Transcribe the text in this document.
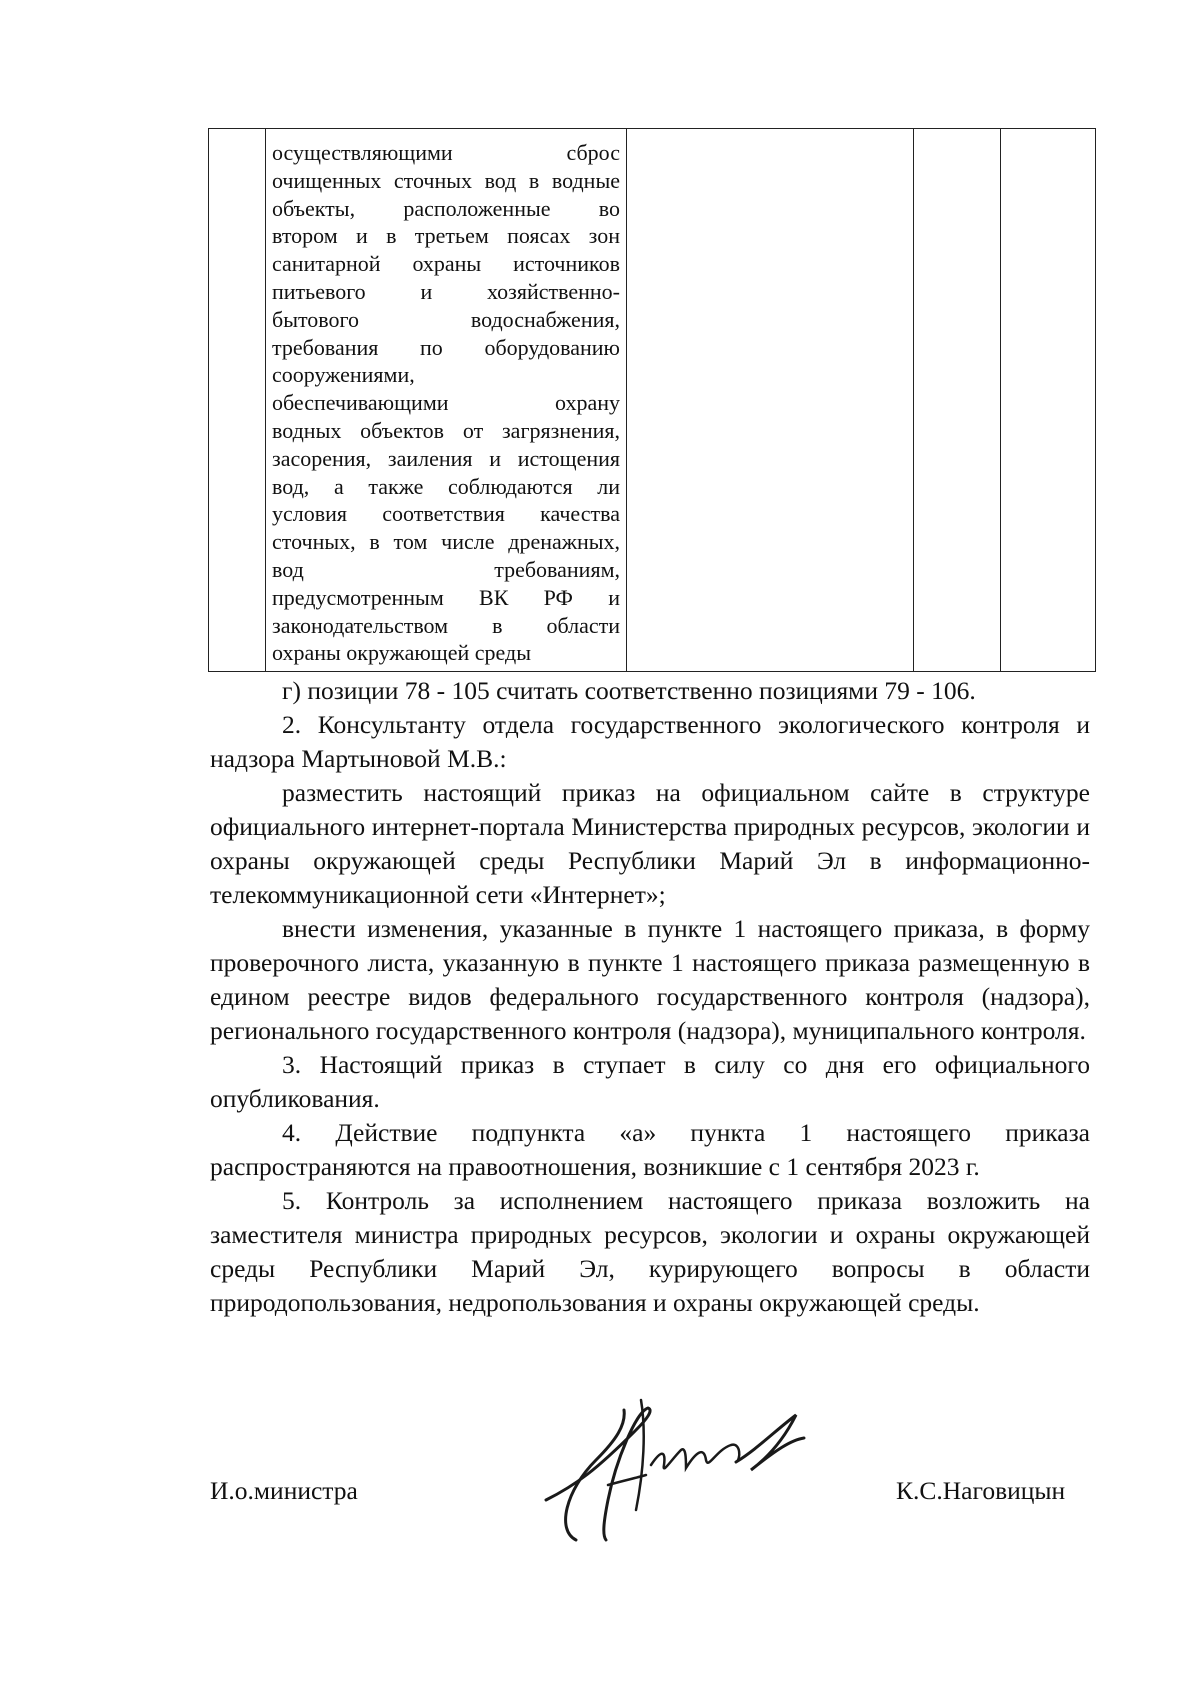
осуществляющими сброс
очищенных сточных вод в водные
объекты, расположенные во
втором и в третьем поясах зон
санитарной охраны источников
питьевого и хозяйственно-
бытового водоснабжения,
требования по оборудованию
сооружениями,
обеспечивающими охрану
водных объектов от загрязнения,
засорения, заиления и истощения
вод, а также соблюдаются ли
условия соответствия качества
сточных, в том числе дренажных,
вод требованиям,
предусмотренным ВК РФ и
законодательством в области
охраны окружающей среды

г) позиции 78 - 105 считать соответственно позициями 79 - 106.

2. Консультанту отдела государственного экологического контроля и надзора Мартыновой М.В.:

разместить настоящий приказ на официальном сайте в структуре официального интернет-портала Министерства природных ресурсов, экологии и охраны окружающей среды Республики Марий Эл в информационно-телекоммуникационной сети «Интернет»;

внести изменения, указанные в пункте 1 настоящего приказа, в форму проверочного листа, указанную в пункте 1 настоящего приказа размещенную в едином реестре видов федерального государственного контроля (надзора), регионального государственного контроля (надзора), муниципального контроля.

3. Настоящий приказ в ступает в силу со дня его официального опубликования.

4. Действие подпункта «а» пункта 1 настоящего приказа распространяются на правоотношения, возникшие с 1 сентября 2023 г.

5. Контроль за исполнением настоящего приказа возложить на заместителя министра природных ресурсов, экологии и охраны окружающей среды Республики Марий Эл, курирующего вопросы в области природопользования, недропользования и охраны окружающей среды.

И.о.министра	К.С.Наговицын
